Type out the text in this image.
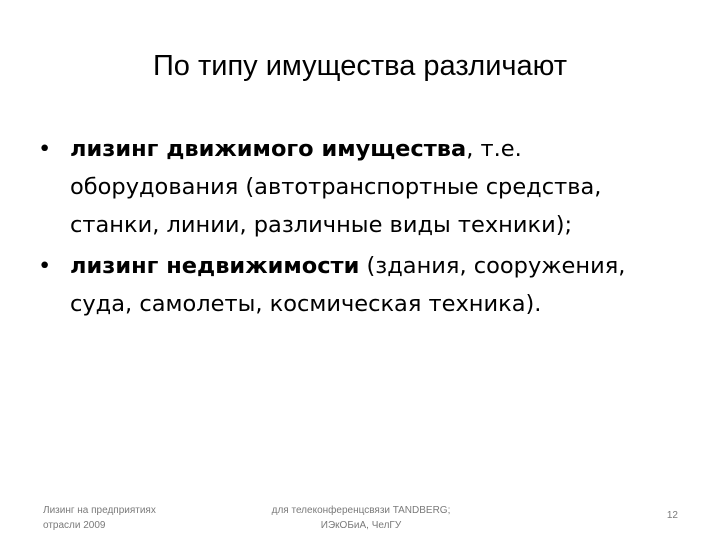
По типу имущества различают
• лизинг движимого имущества, т.е. оборудования (автотранспортные средства, станки, линии, различные виды техники);
• лизинг недвижимости (здания, сооружения, суда, самолеты, космическая техника).
Лизинг на предприятиях
отрасли 2009
для телеконференцсвязи TANDBERG;
ИЭкОБиА, ЧелГУ
12
